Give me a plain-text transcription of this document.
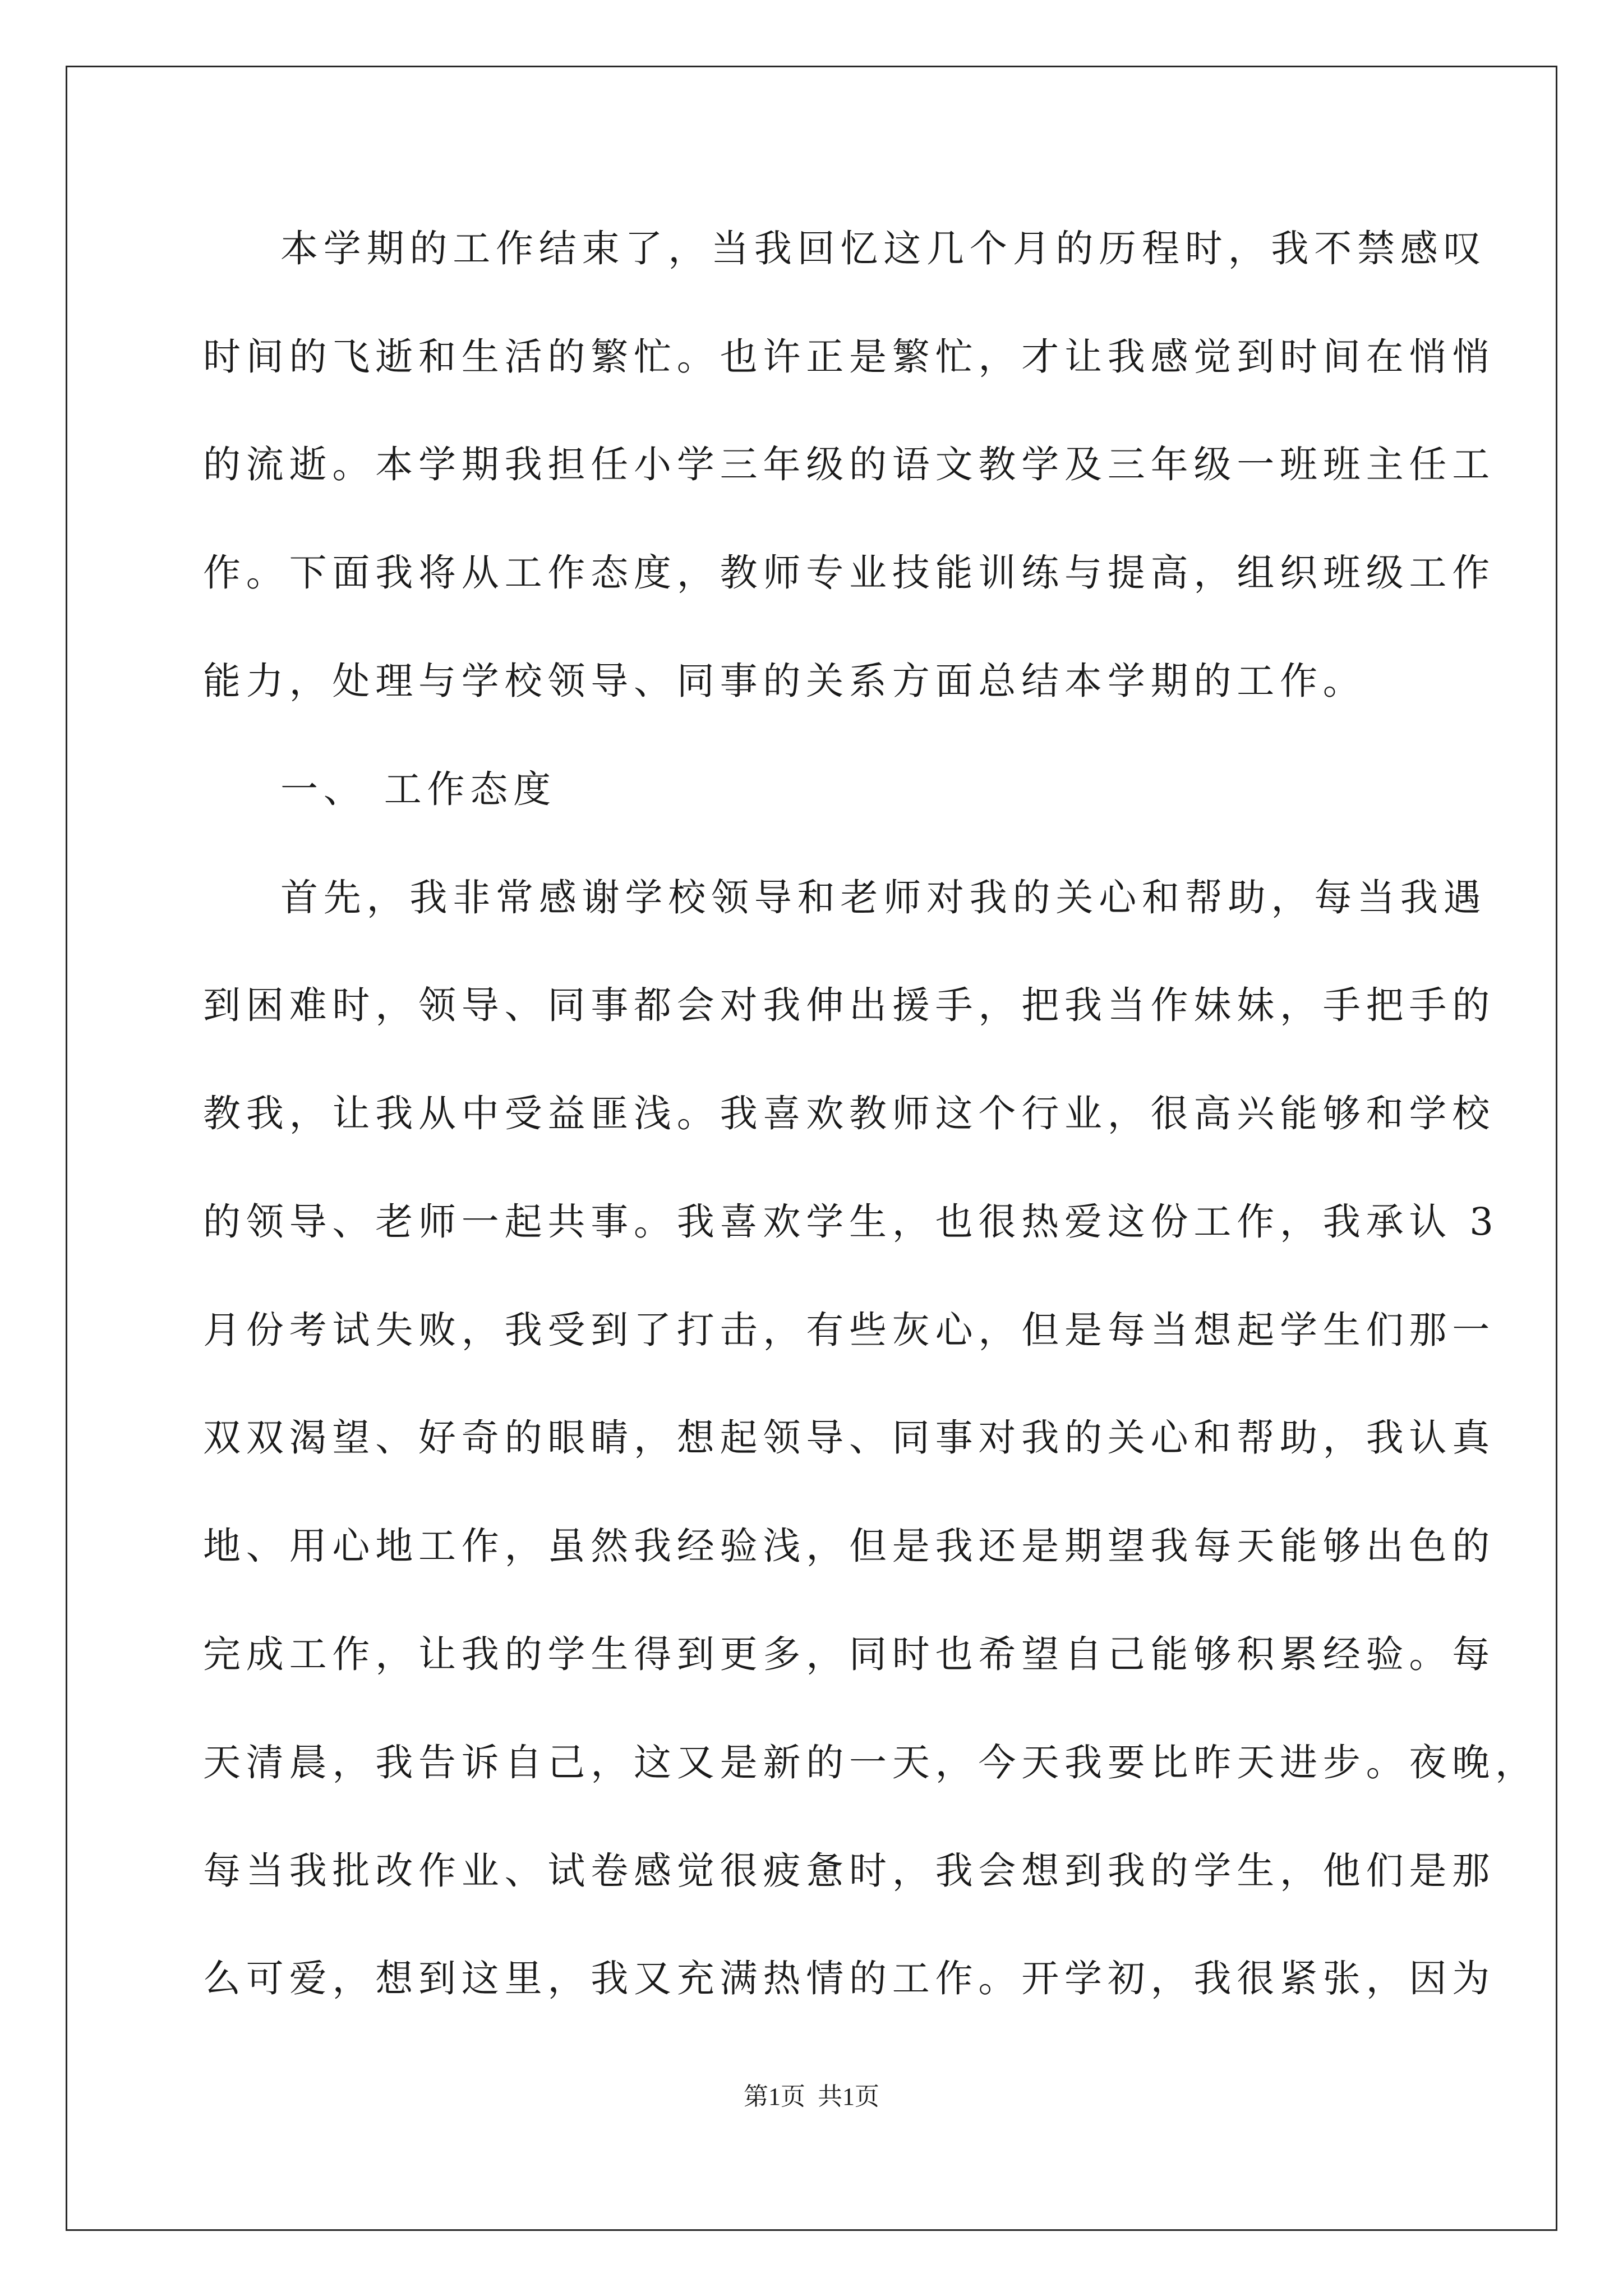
本学期的工作结束了，当我回忆这几个月的历程时，我不禁感叹

时间的飞逝和生活的繁忙。也许正是繁忙，才让我感觉到时间在悄悄

的流逝。本学期我担任小学三年级的语文教学及三年级一班班主任工

作。下面我将从工作态度，教师专业技能训练与提高，组织班级工作

能力，处理与学校领导、同事的关系方面总结本学期的工作。

一、 工作态度

首先，我非常感谢学校领导和老师对我的关心和帮助，每当我遇

到困难时，领导、同事都会对我伸出援手，把我当作妹妹，手把手的

教我，让我从中受益匪浅。我喜欢教师这个行业，很高兴能够和学校

的领导、老师一起共事。我喜欢学生，也很热爱这份工作，我承认 3

月份考试失败，我受到了打击，有些灰心，但是每当想起学生们那一

双双渴望、好奇的眼睛，想起领导、同事对我的关心和帮助，我认真

地、用心地工作，虽然我经验浅，但是我还是期望我每天能够出色的

完成工作，让我的学生得到更多，同时也希望自己能够积累经验。每

天清晨，我告诉自己，这又是新的一天，今天我要比昨天进步。夜晚，

每当我批改作业、试卷感觉很疲惫时，我会想到我的学生，他们是那

么可爱，想到这里，我又充满热情的工作。开学初，我很紧张，因为

第1页  共1页
